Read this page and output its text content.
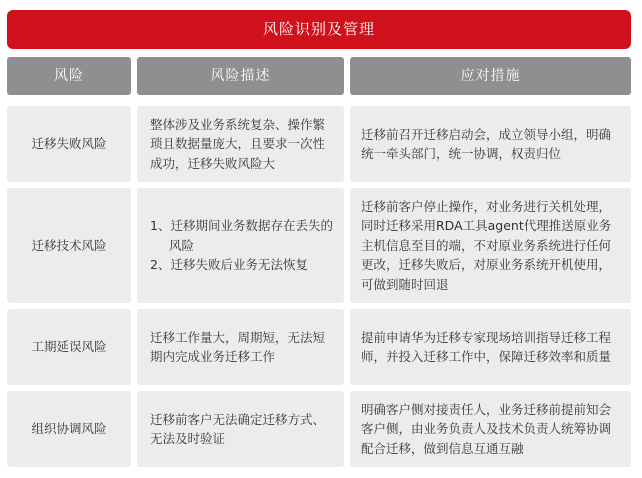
风险识别及管理
风险	风险描述	应对措施
迁移失败风险
整体涉及业务系统复杂、操作繁琐且数据量庞大，且要求一次性成功，迁移失败风险大
迁移前召开迁移启动会，成立领导小组，明确统一牵头部门，统一协调，权责归位
迁移技术风险
1、迁移期间业务数据存在丢失的风险
2、迁移失败后业务无法恢复
迁移前客户停止操作，对业务进行关机处理，同时迁移采用RDA工具agent代理推送原业务主机信息至目的端，不对原业务系统进行任何更改，迁移失败后，对原业务系统开机使用，可做到随时回退
工期延误风险
迁移工作量大，周期短，无法短期内完成业务迁移工作
提前申请华为迁移专家现场培训指导迁移工程师，并投入迁移工作中，保障迁移效率和质量
组织协调风险
迁移前客户无法确定迁移方式、无法及时验证
明确客户侧对接责任人，业务迁移前提前知会客户侧，由业务负责人及技术负责人统筹协调配合迁移，做到信息互通互融
